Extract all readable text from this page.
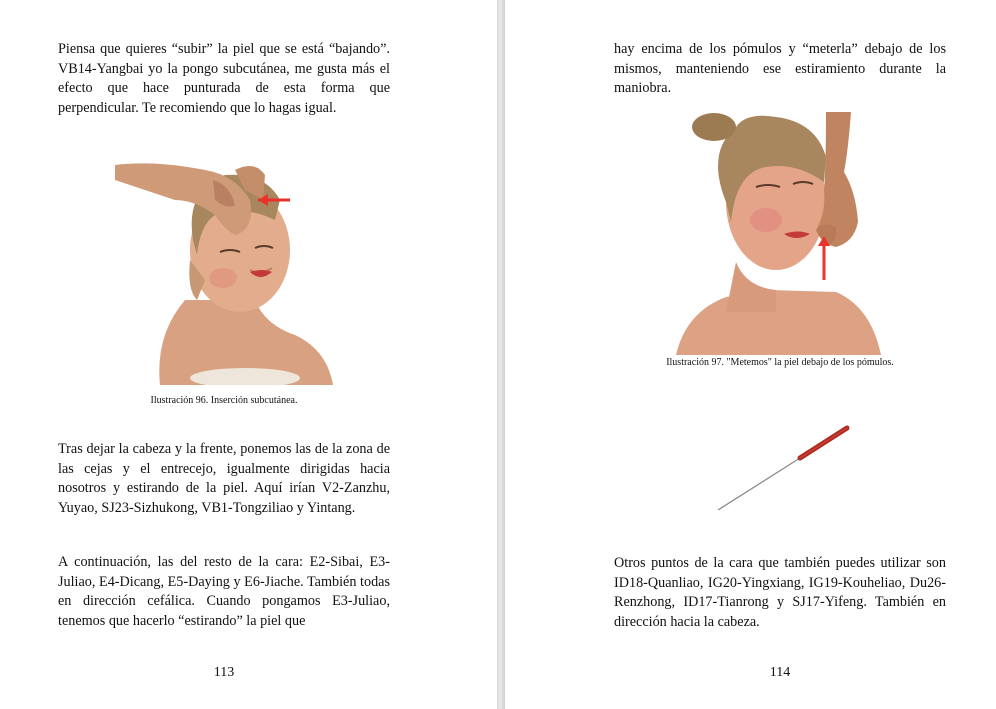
Piensa que quieres “subir” la piel que se está “bajando”. VB14-Yangbai yo la pongo subcutánea, me gusta más el efecto que hace punturada de esta forma que perpendicular. Te recomiendo que lo hagas igual.

Ilustración 96. Inserción subcutánea.

Tras dejar la cabeza y la frente, ponemos las de la zona de las cejas y el entrecejo, igualmente dirigidas hacia nosotros y estirando de la piel. Aquí irían V2-Zanzhu, Yuyao, SJ23-Sizhukong, VB1-Tongziliao y Yintang.

A continuación, las del resto de la cara: E2-Sibai, E3-Juliao, E4-Dicang, E5-Daying y E6-Jiache. También todas en dirección cefálica. Cuando pongamos E3-Juliao, tenemos que hacerlo “estirando” la piel que

113

hay encima de los pómulos y “meterla” debajo de los mismos, manteniendo ese estiramiento durante la maniobra.

Ilustración 97. "Metemos" la piel debajo de los pómulos.

Otros puntos de la cara que también puedes utilizar son ID18-Quanliao, IG20-Yingxiang, IG19-Kouheliao, Du26-Renzhong, ID17-Tianrong y SJ17-Yifeng. También en dirección hacia la cabeza.

114
